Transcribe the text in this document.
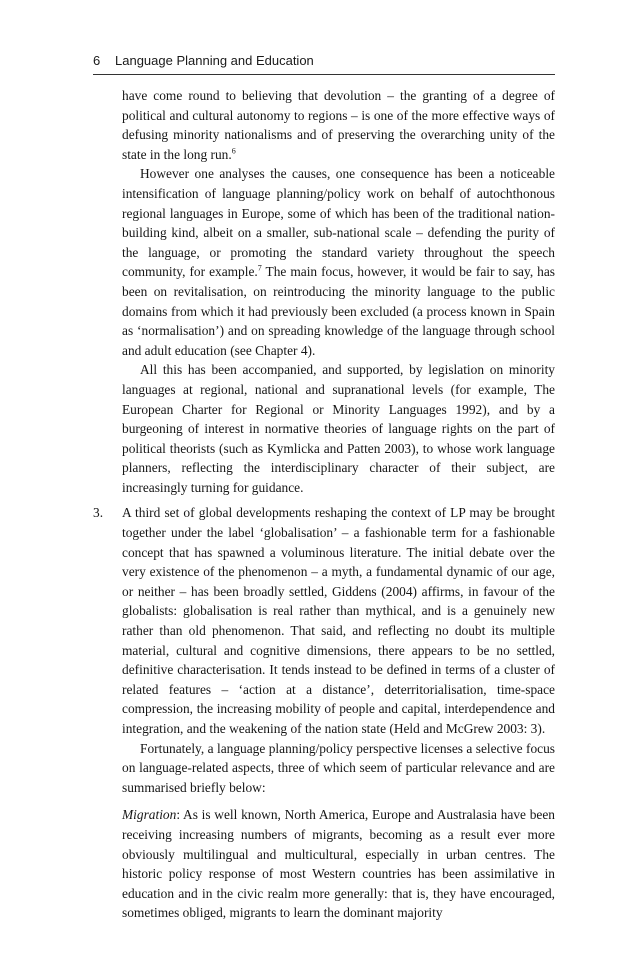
6 Language Planning and Education

have come round to believing that devolution – the granting of a degree of political and cultural autonomy to regions – is one of the more effective ways of defusing minority nationalisms and of preserving the overarching unity of the state in the long run.$^6$

However one analyses the causes, one consequence has been a noticeable intensification of language planning/policy work on behalf of autochthonous regional languages in Europe, some of which has been of the traditional nation-building kind, albeit on a smaller, sub-national scale – defending the purity of the language, or promoting the standard variety throughout the speech community, for example.$^7$ The main focus, however, it would be fair to say, has been on revitalisation, on reintroducing the minority language to the public domains from which it had previously been excluded (a process known in Spain as ‘normalisation’) and on spreading knowledge of the language through school and adult education (see Chapter 4).

All this has been accompanied, and supported, by legislation on minority languages at regional, national and supranational levels (for example, The European Charter for Regional or Minority Languages 1992), and by a burgeoning of interest in normative theories of language rights on the part of political theorists (such as Kymlicka and Patten 2003), to whose work language planners, reflecting the interdisciplinary character of their subject, are increasingly turning for guidance.

3. A third set of global developments reshaping the context of LP may be brought together under the label ‘globalisation’ – a fashionable term for a fashionable concept that has spawned a voluminous literature. The initial debate over the very existence of the phenomenon – a myth, a fundamental dynamic of our age, or neither – has been broadly settled, Giddens (2004) affirms, in favour of the globalists: globalisation is real rather than mythical, and is a genuinely new rather than old phenomenon. That said, and reflecting no doubt its multiple material, cultural and cognitive dimensions, there appears to be no settled, definitive characterisation. It tends instead to be defined in terms of a cluster of related features – ‘action at a distance’, deterritorialisation, time-space compression, the increasing mobility of people and capital, interdependence and integration, and the weakening of the nation state (Held and McGrew 2003: 3).

Fortunately, a language planning/policy perspective licenses a selective focus on language-related aspects, three of which seem of particular relevance and are summarised briefly below:

Migration: As is well known, North America, Europe and Australasia have been receiving increasing numbers of migrants, becoming as a result ever more obviously multilingual and multicultural, especially in urban centres. The historic policy response of most Western countries has been assimilative in education and in the civic realm more generally: that is, they have encouraged, sometimes obliged, migrants to learn the dominant majority
